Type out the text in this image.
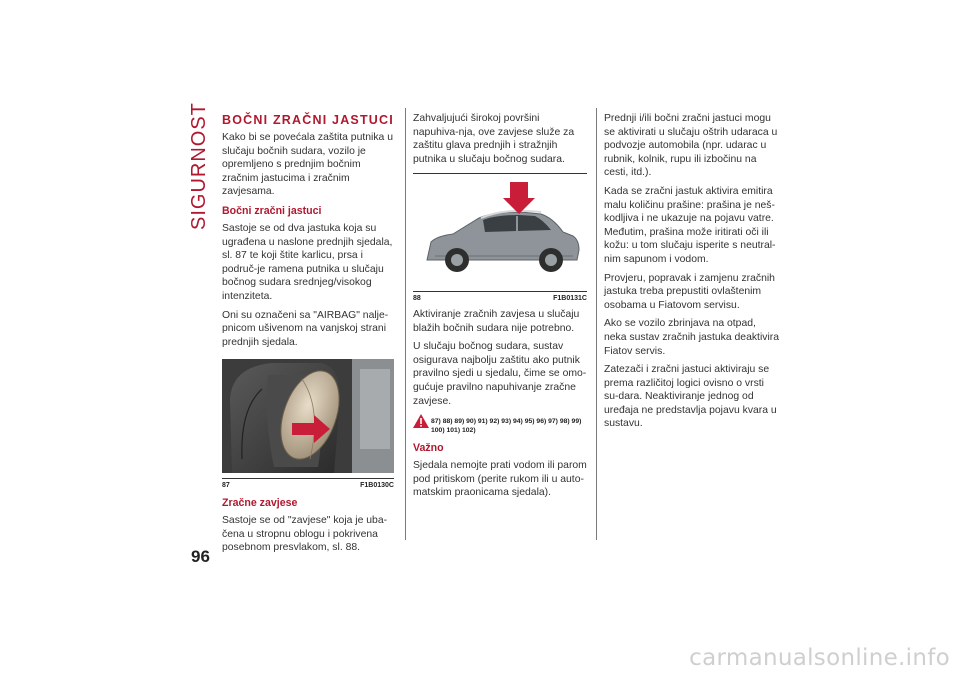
SIGURNOST
96
BOČNI ZRAČNI JASTUCI

Kako bi se povećala zaštita putnika u slučaju bočnih sudara, vozilo je opremljeno s prednjim bočnim zračnim jastucima i zračnim zavjesama.

Bočni zračni jastuci

Sastoje se od dva jastuka koja su ugrađena u naslone prednjih sjedala, sl. 87 te koji štite karlicu, prsa i područ-je ramena putnika u slučaju bočnog sudara srednjeg/visokog intenziteta.

Oni su označeni sa "AIRBAG" nalje-pnicom ušivenom na vanjskoj strani prednjih sjedala.

87	F1B0130C
Zračne zavjese

Sastoje se od "zavjese" koja je uba-čena u stropnu oblogu i pokrivena posebnom presvlakom, sl. 88.

Zahvaljujući širokoj površini napuhiva-nja, ove zavjese služe za zaštitu glava prednjih i stražnjih putnika u slučaju bočnog sudara.

88	F1B0131C

Aktiviranje zračnih zavjesa u slučaju blažih bočnih sudara nije potrebno.

U slučaju bočnog sudara, sustav osigurava najbolju zaštitu ako putnik pravilno sjedi u sjedalu, čime se omo-gućuje pravilno napuhivanje zračne zavjese.

87) 88) 89) 90) 91) 92) 93) 94) 95) 96) 97) 98) 99) 100) 101) 102)
Važno

Sjedala nemojte prati vodom ili parom pod pritiskom (perite rukom ili u auto-matskim praonicama sjedala).

Prednji i/ili bočni zračni jastuci mogu se aktivirati u slučaju oštrih udaraca u podvozje automobila (npr. udarac u rubnik, kolnik, rupu ili izbočinu na cesti, itd.).

Kada se zračni jastuk aktivira emitira malu količinu prašine: prašina je neš-kodljiva i ne ukazuje na pojavu vatre. Međutim, prašina može iritirati oči ili kožu: u tom slučaju isperite s neutral-nim sapunom i vodom.

Provjeru, popravak i zamjenu zračnih jastuka treba prepustiti ovlaštenim osobama u Fiatovom servisu.

Ako se vozilo zbrinjava na otpad, neka sustav zračnih jastuka deaktivira Fiatov servis.

Zatezači i zračni jastuci aktiviraju se prema različitoj logici ovisno o vrsti su-dara. Neaktiviranje jednog od uređaja ne predstavlja pojavu kvara u sustavu.

carmanualsonline.info
